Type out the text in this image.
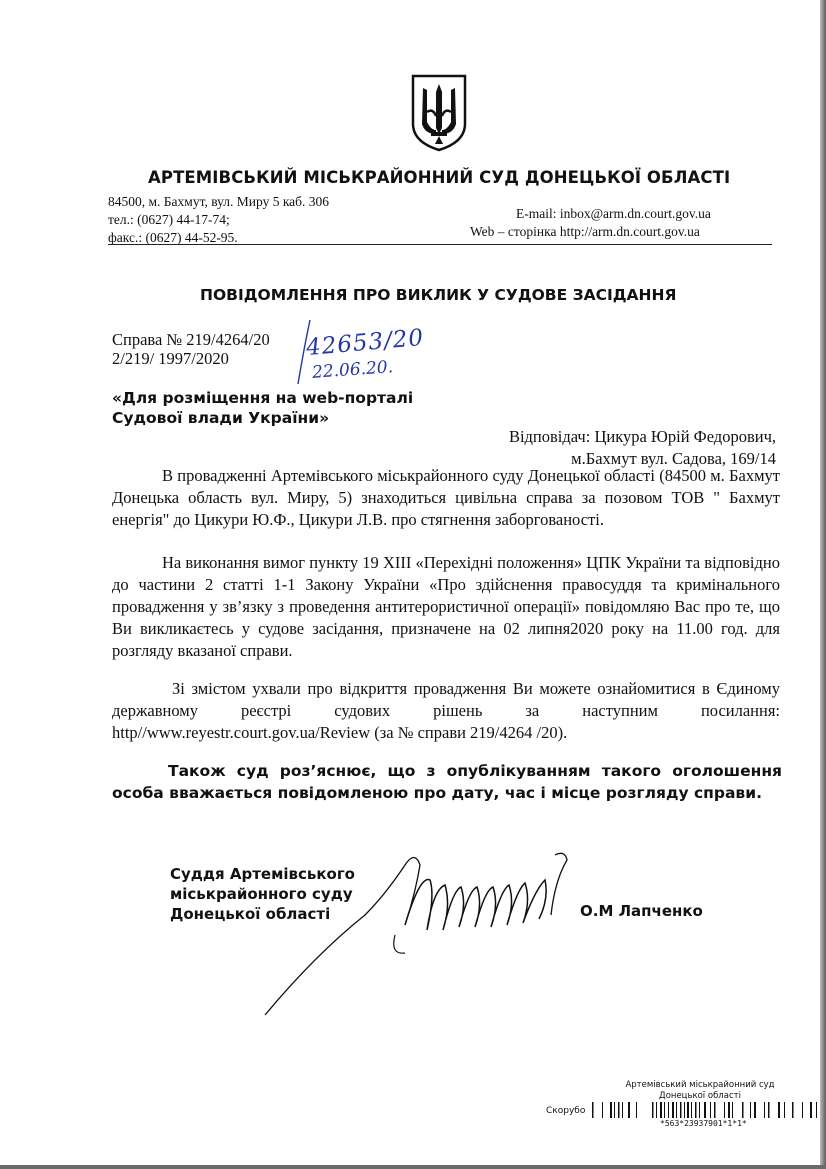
АРТЕМІВСЬКИЙ МІСЬКРАЙОННИЙ СУД ДОНЕЦЬКОЇ ОБЛАСТІ
84500, м. Бахмут, вул. Миру 5 каб. 306
тел.: (0627) 44-17-74;
факс.: (0627) 44-52-95.
E-mail: inbox@arm.dn.court.gov.ua
Web – сторінка http://arm.dn.court.gov.ua
ПОВІДОМЛЕННЯ ПРО ВИКЛИК У СУДОВЕ ЗАСІДАННЯ
Справа № 219/4264/20
2/219/ 1997/2020	42653/20
22.06.20.
«Для розміщення на web-порталі
Судової влади України»
Відповідач: Цикура Юрій Федорович,
м.Бахмут вул. Садова, 169/14
В провадженні Артемівського міськрайонного суду Донецької області (84500 м. Бахмут Донецька область вул. Миру, 5) знаходиться цивільна справа за позовом ТОВ " Бахмут енергія" до Цикури Ю.Ф., Цикури Л.В. про стягнення заборгованості.
На виконання вимог пункту 19 XIII «Перехідні положення» ЦПК України та відповідно до частини 2 статті 1-1 Закону України «Про здійснення правосуддя та кримінального провадження у зв’язку з проведення антитерористичної операції» повідомляю Вас про те, що Ви викликаєтесь у судове засідання, призначене на 02 липня2020 року на 11.00 год. для розгляду вказаної справи.
Зі змістом ухвали про відкриття провадження Ви можете ознайомитися в Єдиному державному реєстрі судових рішень за наступним посилання: http//www.reyestr.court.gov.ua/Review (за № справи 219/4264 /20).
Також суд роз’яснює, що з опублікуванням такого оголошення особа вважається повідомленою про дату, час і місце розгляду справи.
Суддя Артемівського
міськрайонного суду
Донецької області	О.М Лапченко
Артемівський міськрайонний суд
Донецької області
Скорубо
*563*23937901*1*1*
